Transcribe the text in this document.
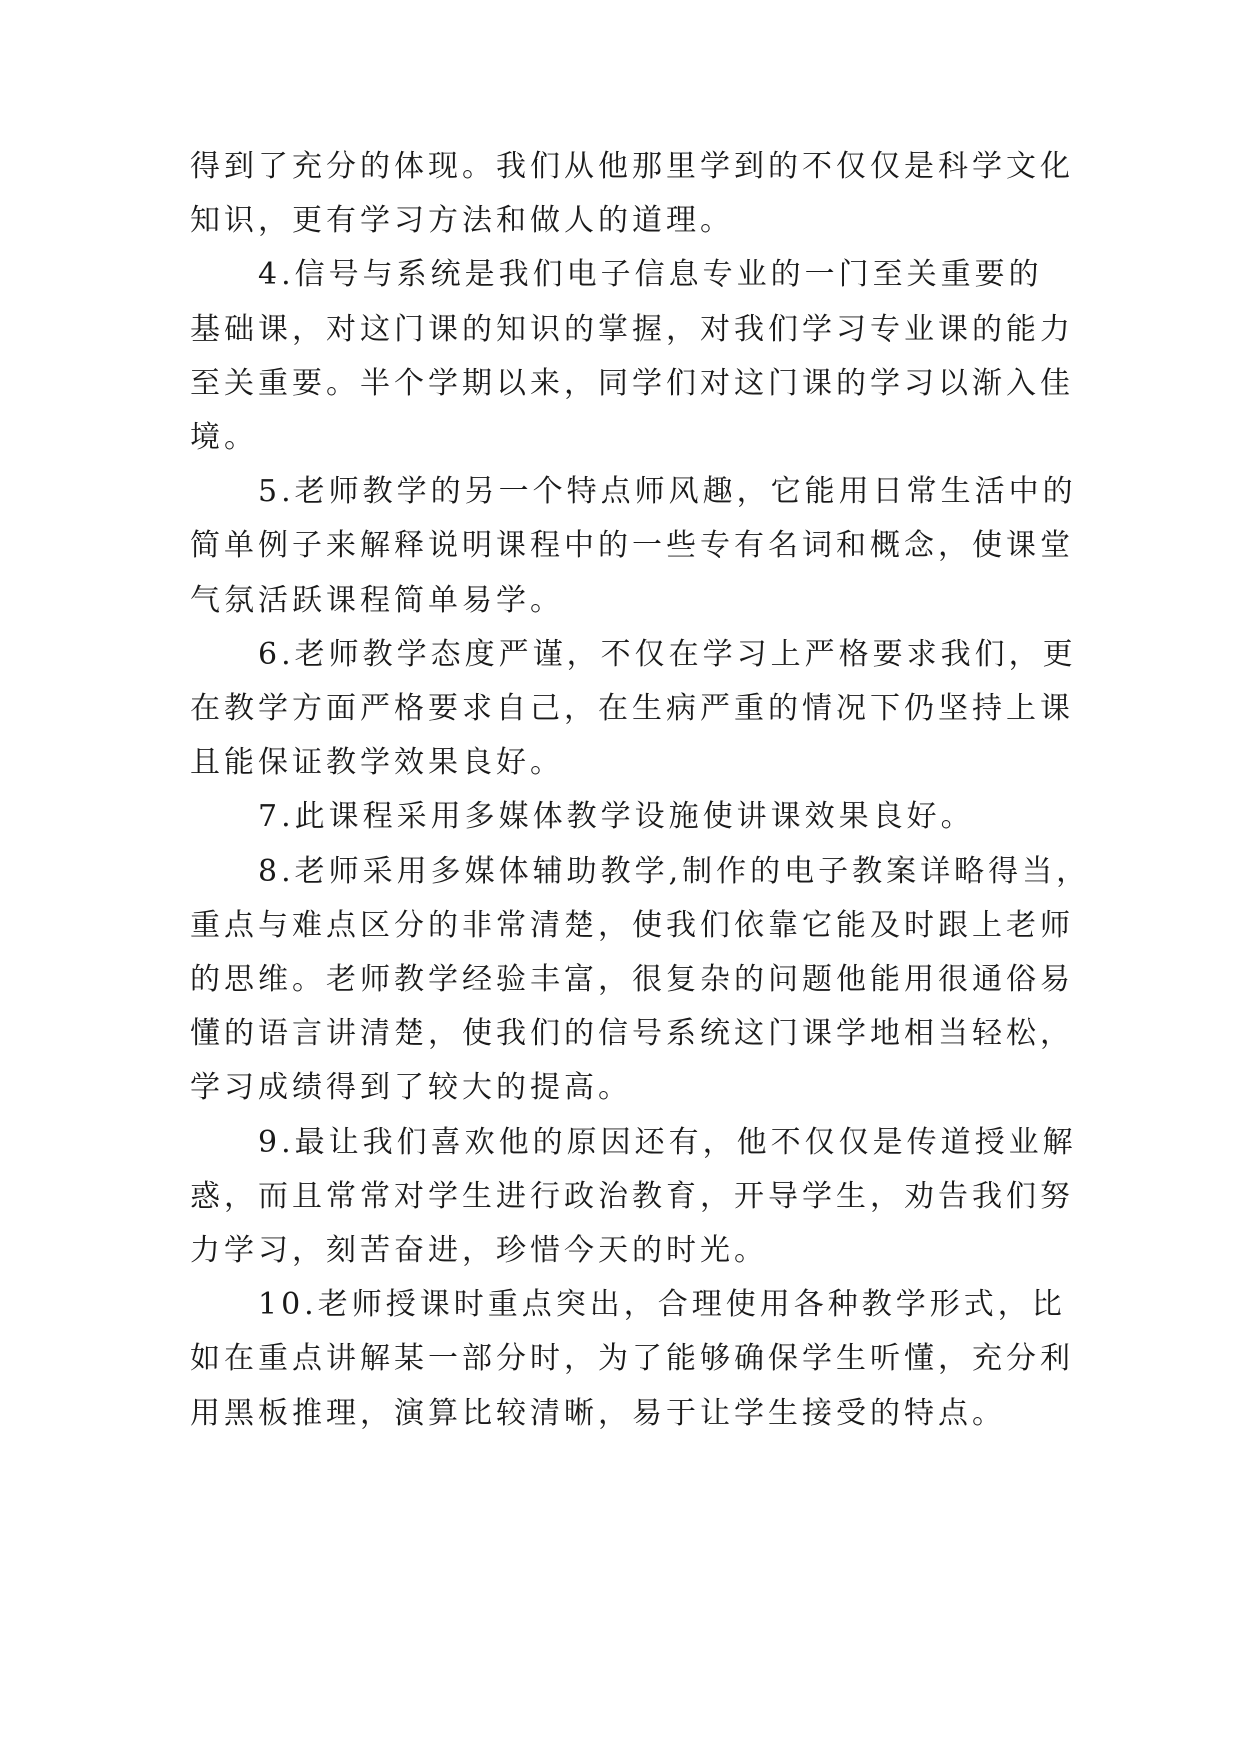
得到了充分的体现。我们从他那里学到的不仅仅是科学文化
知识，更有学习方法和做人的道理。
4.信号与系统是我们电子信息专业的一门至关重要的
基础课，对这门课的知识的掌握，对我们学习专业课的能力
至关重要。半个学期以来，同学们对这门课的学习以渐入佳
境。
5.老师教学的另一个特点师风趣，它能用日常生活中的
简单例子来解释说明课程中的一些专有名词和概念，使课堂
气氛活跃课程简单易学。
6.老师教学态度严谨，不仅在学习上严格要求我们，更
在教学方面严格要求自己，在生病严重的情况下仍坚持上课
且能保证教学效果良好。
7.此课程采用多媒体教学设施使讲课效果良好。
8.老师采用多媒体辅助教学,制作的电子教案详略得当，
重点与难点区分的非常清楚，使我们依靠它能及时跟上老师
的思维。老师教学经验丰富，很复杂的问题他能用很通俗易
懂的语言讲清楚，使我们的信号系统这门课学地相当轻松，
学习成绩得到了较大的提高。
9.最让我们喜欢他的原因还有，他不仅仅是传道授业解
惑，而且常常对学生进行政治教育，开导学生，劝告我们努
力学习，刻苦奋进，珍惜今天的时光。
10.老师授课时重点突出，合理使用各种教学形式，比
如在重点讲解某一部分时，为了能够确保学生听懂，充分利
用黑板推理，演算比较清晰，易于让学生接受的特点。
